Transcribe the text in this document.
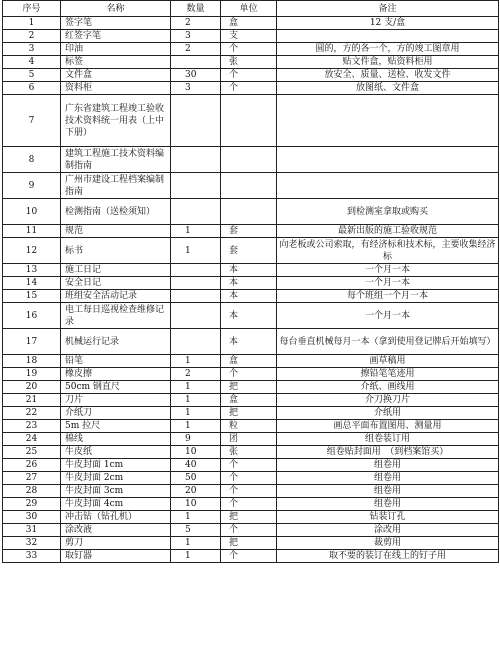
序号	名称	数量	单位	备注
1	签字笔	2	盒	12 支/盒
2	红签字笔	3	支	
3	印油	2	个	圆的，方的各一个，方的竣工图章用
4	标签		张	贴文件盒，贴资料柜用
5	文件盒	30	个	放安全、质量、送检、收发文件
6	资料柜	3	个	放图纸、文件盒
7	广东省建筑工程竣工验收技术资料统一用表（上中下册）			
8	建筑工程施工技术资料编制指南			
9	广州市建设工程档案编制指南			
10	检测指南（送检须知）			到检测室拿取或购买
11	规范	1	套	最新出版的施工验收规范
12	标书	1	套	向老板或公司索取，有经济标和技术标，主要收集经济标
13	施工日记		本	一个月一本
14	安全日记		本	一个月一本
15	班组安全活动记录		本	每个班组一个月一本
16	电工每日巡视检查维修记录		本	一个月一本
17	机械运行记录		本	每台垂直机械每月一本（拿到使用登记牌后开始填写）
18	铅笔	1	盒	画草稿用
19	橡皮擦	2	个	擦铅笔笔迹用
20	50cm 钢直尺	1	把	介纸、画线用
21	刀片	1	盒	介刀换刀片
22	介纸刀	1	把	介纸用
23	5m 拉尺	1	粒	画总平面布置图用、测量用
24	棉线	9	团	组卷装订用
25	牛皮纸	10	张	组卷贴封面用　（到档案馆买）
26	牛皮封面 1cm	40	个	组卷用
27	牛皮封面 2cm	50	个	组卷用
28	牛皮封面 3cm	20	个	组卷用
29	牛皮封面 4cm	10	个	组卷用
30	冲击钻（钻孔机）	1	把	钻装订孔
31	涂改液	5	个	涂改用
32	剪刀	1	把	裁剪用
33	取钉器	1	个	取不要的装订在线上的钉子用
